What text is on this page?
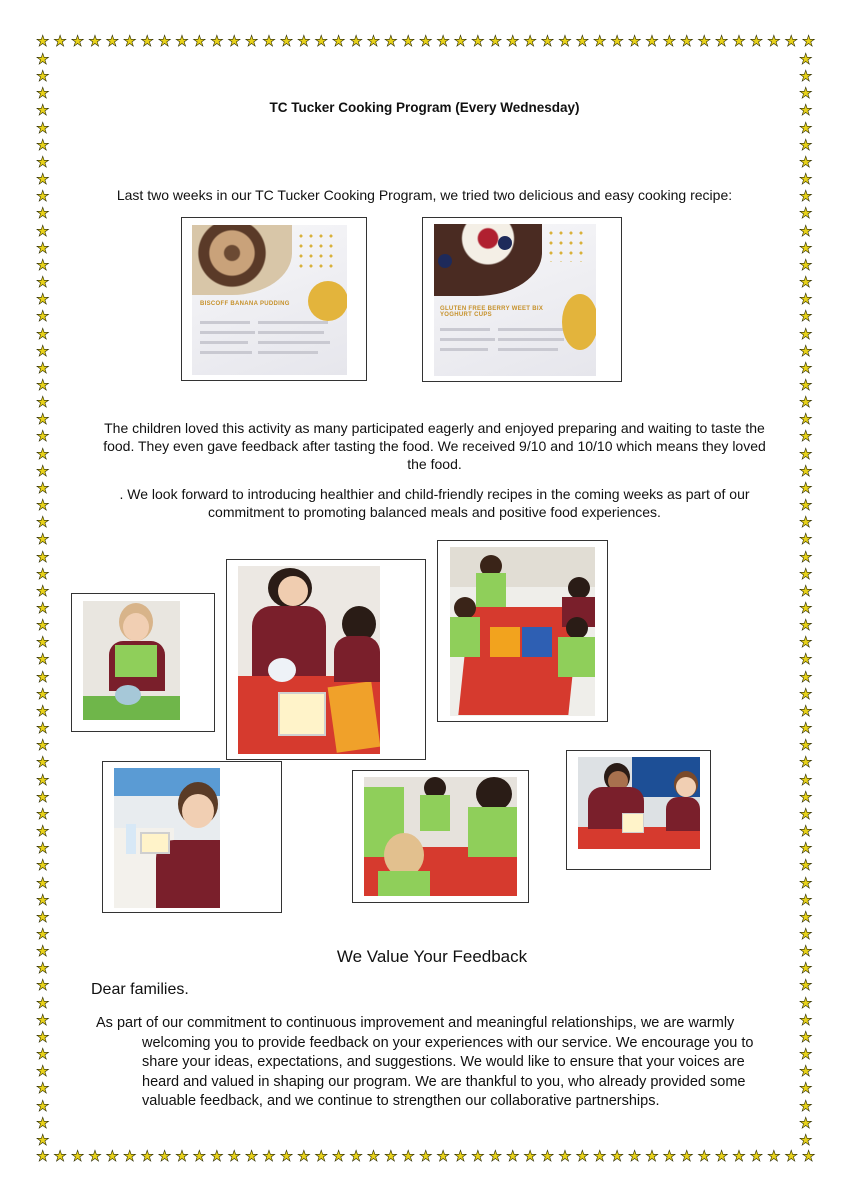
★ ★ ★ ★ ★ ★ ★ ★ ★ ★ ★ ★ ★ ★ ★ ★ ★ ★ ★ ★ ★ ★ ★ ★ ★ ★ ★ ★ ★ ★ ★ ★ ★ ★ ★ ★ ★ ★ ★ ★ ★ ★ ★ ★ ★
★ ★ ★ ★ ★ ★ ★ ★ ★ ★ ★ ★ ★ ★ ★ ★ ★ ★ ★ ★ ★ ★ ★ ★ ★ ★ ★ ★ ★ ★ ★ ★ ★ ★ ★ ★ ★ ★ ★ ★ ★ ★ ★ ★ ★
★
★
★
★
★
★
★
★
★
★
★
★
★
★
★
★
★
★
★
★
★
★
★
★
★
★
★
★
★
★
★
★
★
★
★
★
★
★
★
★
★
★
★
★
★
★
★
★
★
★
★
★
★
★
★
★
★
★
★
★
★
★
★
★
★
★
★
★
★
★
★
★
★
★
★
★
★
★
★
★
★
★
★
★
★
★
★
★
★
★
★
★
★
★
★
★
★
★
★
★
★
★
★
★
★
★
★
★
★
★
★
★
★
★
★
★
★
★
★
★
★
★
★
★
★
★
★
★
TC Tucker Cooking Program (Every Wednesday)
Last two weeks in our TC Tucker Cooking Program, we tried two delicious and easy cooking recipe:
BISCOFF BANANA PUDDING
GLUTEN FREE BERRY WEET BIX YOGHURT CUPS
The children loved this activity as many participated eagerly and enjoyed preparing and waiting to taste the food. They even gave feedback after tasting the food. We received 9/10 and 10/10 which means they loved the food.
. We look forward to introducing healthier and child-friendly recipes in the coming weeks as part of our commitment to promoting balanced meals and positive food experiences.
We Value Your Feedback
Dear families.
As part of our commitment to continuous improvement and meaningful relationships, we are warmly
welcoming you to provide feedback on your experiences with our service. We encourage you to share your ideas, expectations, and suggestions. We would like to ensure that your voices are heard and valued in shaping our program. We are thankful to you, who already provided some valuable feedback, and we continue to strengthen our collaborative partnerships.
